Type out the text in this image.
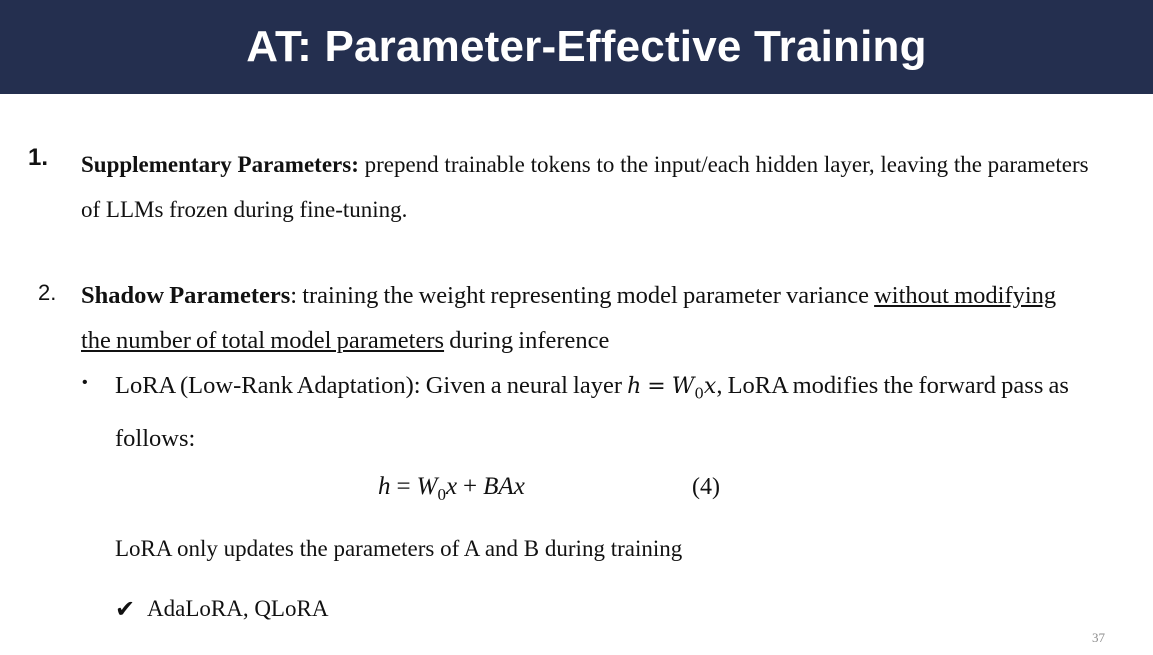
AT: Parameter-Effective Training
1. Supplementary Parameters: prepend trainable tokens to the input/each hidden layer, leaving the parameters of LLMs frozen during fine-tuning.
2. Shadow Parameters: training the weight representing model parameter variance without modifying the number of total model parameters during inference
• LoRA (Low-Rank Adaptation): Given a neural layer $h = W_0x$, LoRA modifies the forward pass as follows:
$h = W_0x$ + BAx	(4)
LoRA only updates the parameters of A and B during training
✔ AdaLoRA, QLoRA
37
